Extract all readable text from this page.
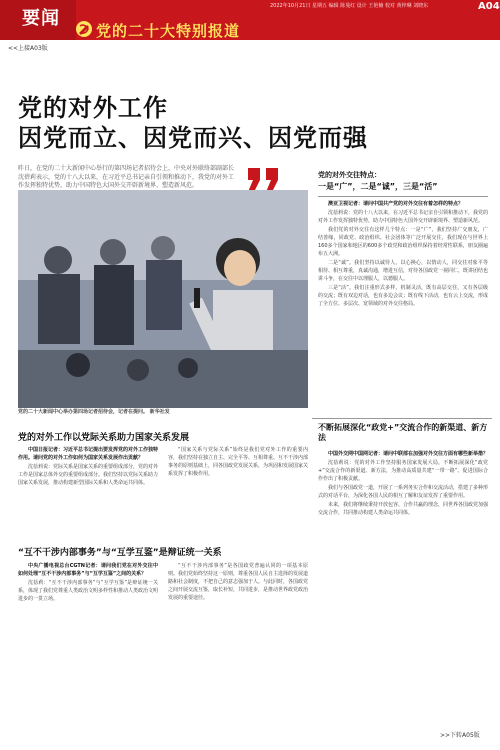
要闻
2022年10月21日 星期五 编辑 陈曼红 设计 王艳楠 校对 黄梓琳 刘晓东	A04
党的二十大特别报道
<<上接A03版
党的对外工作
因党而立、因党而兴、因党而强
昨日，在党的二十大新闻中心举行的第四场记者招待会上，中央对外联络部副部长沈蓓莉表示，党的十八大以来，在习近平总书记亲自引领和推动下，我党的对外工作发挥独特优势，助力中国特色大国外交开辟新境界、塑造新风范。
党的二十大新闻中心举办第四场记者招待会，记者在提问。 新华社发
党的对外交往特点：
一是“广”，二是“诚”，三是“活”

澳亚卫视记者：请问中国共产党的对外交往有着怎样的特点？

沈蓓莉说：党的十八大以来，在习近平总书记亲自引领和推动下，我党的对外工作发挥独特优势，助力中国特色大国外交开辟新境界、塑造新风范。

我们党的对外交往有这样几个特点：一是“广”，我们坚持广交朋友，广结善缘，同政党、政治组织、社会团体等广泛开展交往，我们现在与世界上160多个国家和地区的600多个政党和政治组织保持着经常性联系，朋友圈遍布五大洲。

二是“诚”。我们坚持以诚待人，以心换心，以情动人，同交往对象平等相待、相互尊重，真诚沟通，增进互信，对待各国政党一视同仁，既讲团结也讲斗争，在交往中以理服人，以德服人。

三是“活”。我们注重形式多样、机制灵活，既有高层交往，又有各层级的交流；既有双边对话，也有多边会议；既有线下活动，也有云上交流，形成了全方位、多层次、宽领域的对外交往格局。

党的对外工作以党际关系助力国家关系发展

中国日报记者：习近平总书记提出要发挥党的对外工作独特作用。请问党的对外工作如何为国家关系发展作出贡献？

沈蓓莉说：党际关系是国家关系的重要组成部分，党的对外工作是国家总体外交的重要组成部分。我们坚持以党际关系助力国家关系发展，推动构建新型国际关系和人类命运共同体。

“国家关系与党际关系”始终是我们党对外工作的重要内容，我们坚持在独立自主、完全平等、互相尊重、互不干涉内部事务的原则基础上，同各国政党发展关系，为巩固和发展国家关系发挥了积极作用。

“互不干涉内部事务”与“互学互鉴”是辩证统一关系

中央广播电视总台CGTN记者：请问我们党在对外交往中如何处理“互不干涉内部事务”与“互学互鉴”之间的关系？

沈蓓莉：“互不干涉内部事务”与“互学互鉴”是辩证统一关系，体现了我们党尊重人类政治文明多样性和推动人类政治文明进步的一贯立场。

“互不干涉内部事务”是各国政党普遍认同的一项基本原则。我们党始终坚持这一原则，尊重各国人民自主选择的发展道路和社会制度，不把自己的意志强加于人。与此同时，各国政党之间开展交流互鉴，取长补短，共同进步，是推动世界政党政治发展的重要途径。

不断拓展深化“政党+”交流合作的新渠道、新方法

中国外交网中国网记者：请问中联部在加强对外交往方面有哪些新举措？

沈蓓莉说：党的对外工作坚持服务国家发展大局，不断拓展深化“政党+”交流合作的新渠道、新方法，为推动高质量共建“一带一路”、促进国际合作作出了积极贡献。

我们与各国政党一道，开展了一系列务实合作和交流活动，搭建了多种形式的对话平台，为深化各国人民的相互了解和友谊发挥了重要作用。

未来，我们将继续秉持开放包容、合作共赢的理念，同世界各国政党加强交流合作，共同推动构建人类命运共同体。

>>下转A05版
